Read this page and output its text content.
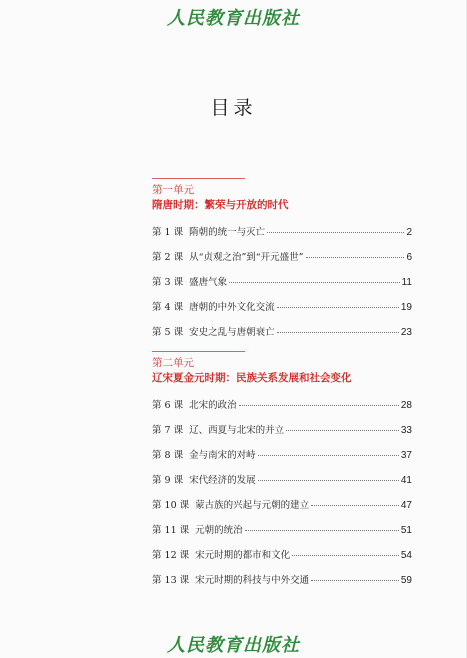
人民教育出版社
目录
第一单元
隋唐时期：繁荣与开放的时代
第 1 课 隋朝的统一与灭亡	2
第 2 课 从“贞观之治”到“开元盛世”	6
第 3 课 盛唐气象	11
第 4 课 唐朝的中外文化交流	19
第 5 课 安史之乱与唐朝衰亡	23
第二单元
辽宋夏金元时期：民族关系发展和社会变化
第 6 课 北宋的政治	28
第 7 课 辽、西夏与北宋的并立	33
第 8 课 金与南宋的对峙	37
第 9 课 宋代经济的发展	41
第 10 课 蒙古族的兴起与元朝的建立	47
第 11 课 元朝的统治	51
第 12 课 宋元时期的都市和文化	54
第 13 课 宋元时期的科技与中外交通	59
人民教育出版社
